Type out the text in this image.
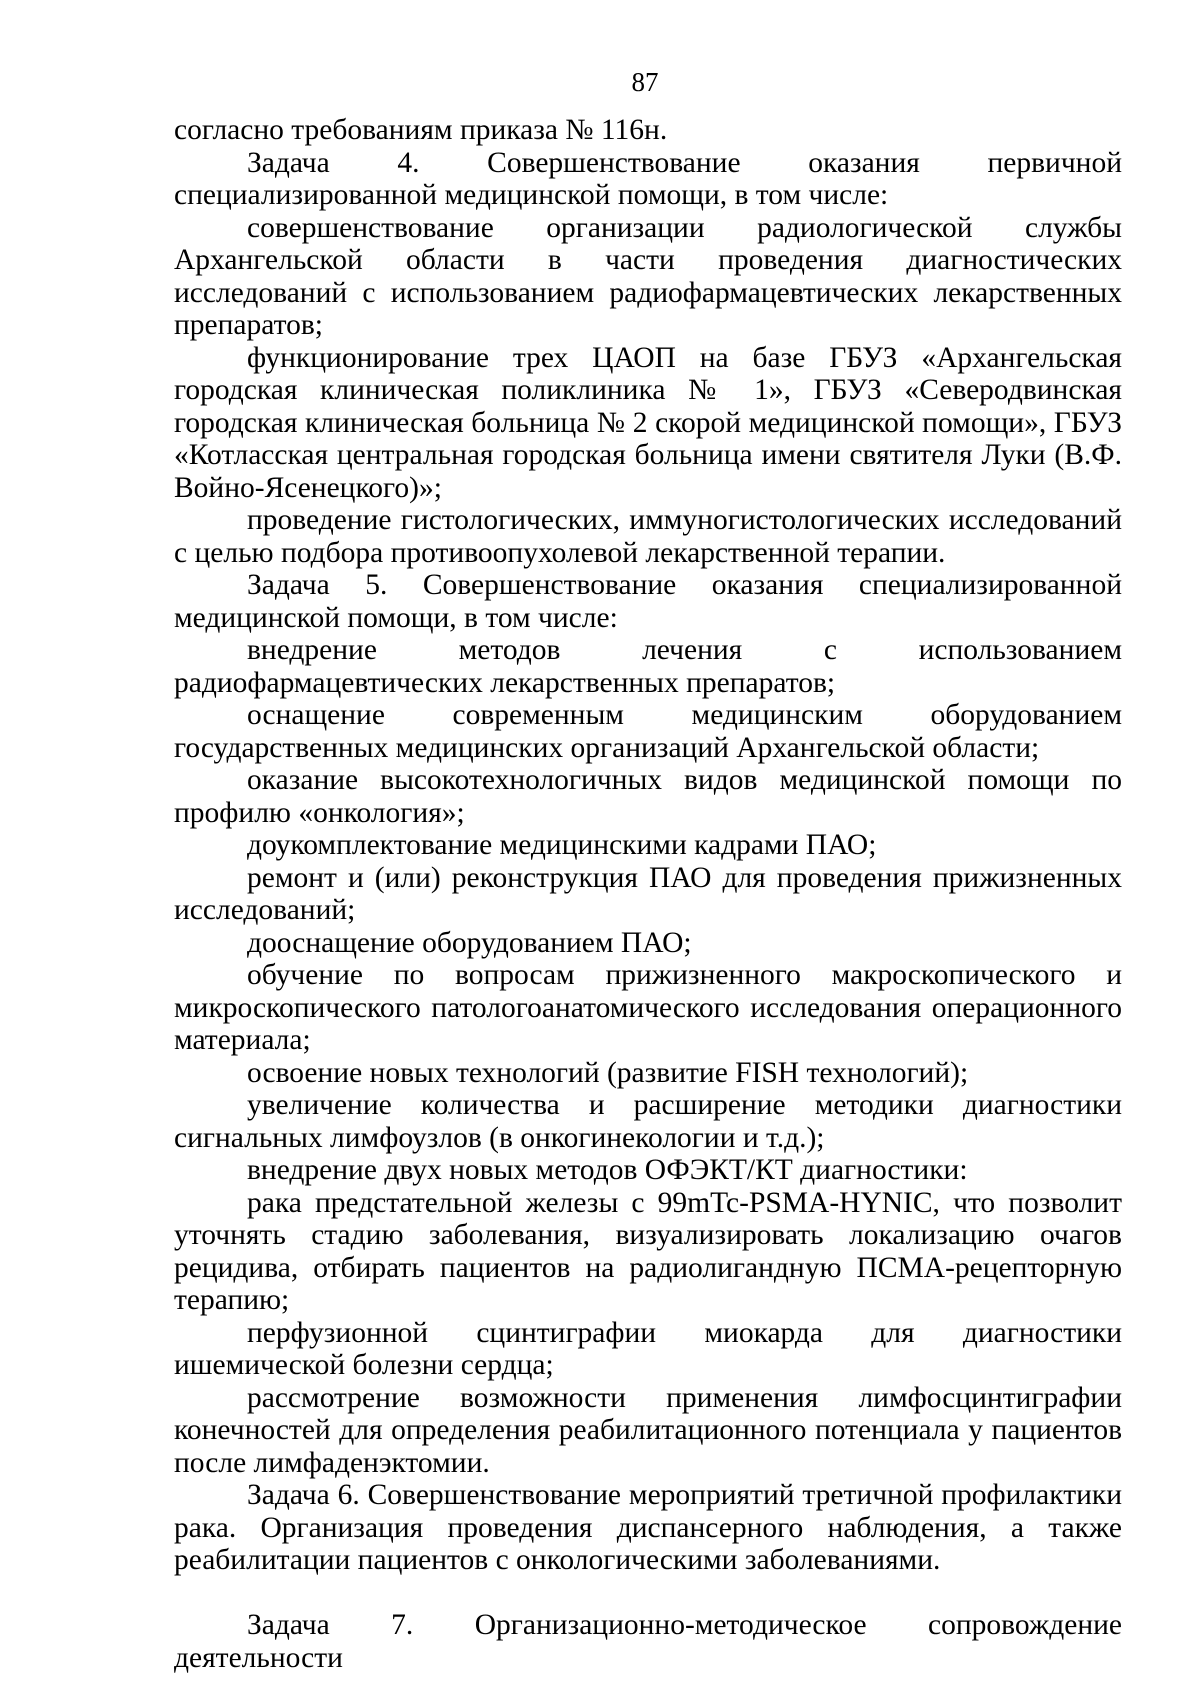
87

согласно требованиям приказа № 116н.

Задача 4. Совершенствование оказания первичной специализированной медицинской помощи, в том числе:

совершенствование организации радиологической службы Архангельской области в части проведения диагностических исследований с использованием радиофармацевтических лекарственных препаратов;

функционирование трех ЦАОП на базе ГБУЗ «Архангельская городская клиническая поликлиника № 1», ГБУЗ «Северодвинская городская клиническая больница № 2 скорой медицинской помощи», ГБУЗ «Котласская центральная городская больница имени святителя Луки (В.Ф. Войно-Ясенецкого)»;

проведение гистологических, иммуногистологических исследований с целью подбора противоопухолевой лекарственной терапии.

Задача 5. Совершенствование оказания специализированной медицинской помощи, в том числе:

внедрение методов лечения с использованием радиофармацевтических лекарственных препаратов;

оснащение современным медицинским оборудованием государственных медицинских организаций Архангельской области;

оказание высокотехнологичных видов медицинской помощи по профилю «онкология»;

доукомплектование медицинскими кадрами ПАО;

ремонт и (или) реконструкция ПАО для проведения прижизненных исследований;

дооснащение оборудованием ПАО;

обучение по вопросам прижизненного макроскопического и микроскопического патологоанатомического исследования операционного материала;

освоение новых технологий (развитие FISH технологий);

увеличение количества и расширение методики диагностики сигнальных лимфоузлов (в онкогинекологии и т.д.);

внедрение двух новых методов ОФЭКТ/КТ диагностики:

рака предстательной железы с 99mTc-PSMA-HYNIC, что позволит уточнять стадию заболевания, визуализировать локализацию очагов рецидива, отбирать пациентов на радиолигандную ПСМА-рецепторную терапию;

перфузионной сцинтиграфии миокарда для диагностики ишемической болезни сердца;

рассмотрение возможности применения лимфосцинтиграфии конечностей для определения реабилитационного потенциала у пациентов после лимфаденэктомии.

Задача 6. Совершенствование мероприятий третичной профилактики рака. Организация проведения диспансерного наблюдения, а также реабилитации пациентов с онкологическими заболеваниями.

Задача 7. Организационно-методическое сопровождение деятельности
